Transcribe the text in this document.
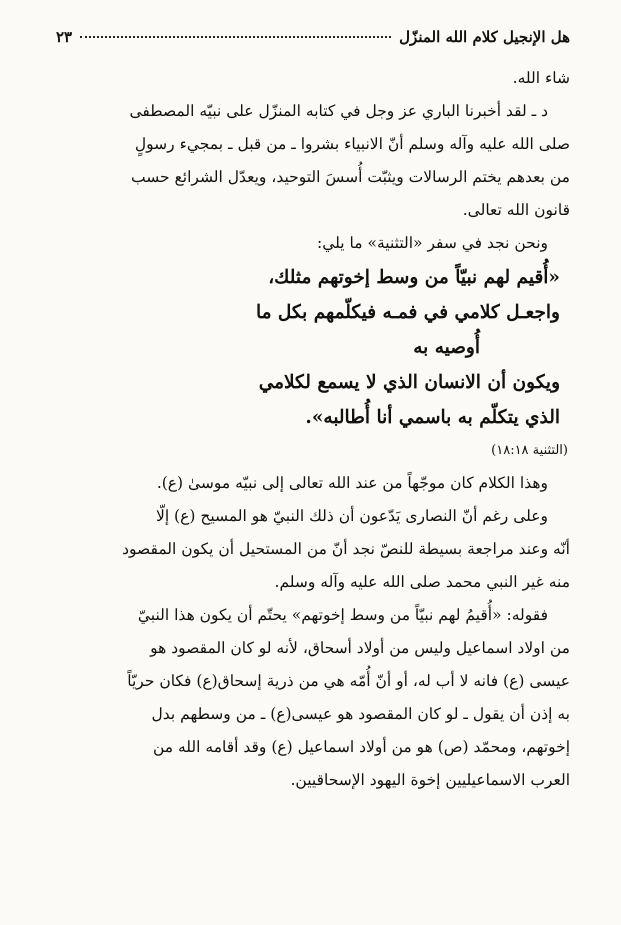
هل الإنجيل كلام الله المنزّل
٢٣

شاء الله.

د ـ لقد أخبرنا الباري عز وجل في كتابه المنزّل على نبيّه المصطفى

صلى الله عليه وآله وسلم أنّ الانبياء بشروا ـ من قبل ـ بمجيء رسولٍ

من بعدهم يختم الرسالات ويثبّت أُسسَ التوحيد، ويعدّل الشرائع حسب

قانون الله تعالى.

ونحن نجد في سفر «التثنية» ما يلي:

«أُقيم لهم نبيّاً من وسط إخوتهم مثلك،

واجعـل كلامي في فمـه فيكلّمهم بكل ما

أُوصيه به

ويكون أن الانسان الذي لا يسمع لكلامي

الذي يتكلّم به باسمي أنا أُطالبه».

(التثنية ١٨:١٨)

وهذا الكلام كان موجّهاً من عند الله تعالى إلى نبيّه موسىٰ (ع).

وعلى رغم أنّ النصارى يَدّعون أن ذلك النبيّ هو المسيح (ع) إلّا

أنّه وعند مراجعة بسيطة للنصّ نجد أنّ من المستحيل أن يكون المقصود

منه غير النبي محمد صلى الله عليه وآله وسلم.

فقوله: «أُقيمُ لهم نبيّاً من وسط إخوتهم» يحتّم أن يكون هذا النبيّ

من اولاد اسماعيل وليس من أولاد أسحاق، لأنه لو كان المقصود هو

عيسى (ع) فانه لا أب له، أو أنّ أُمّه هي من ذرية إسحاق(ع) فكان حريّاً

به إذن أن يقول ـ لو كان المقصود هو عيسى(ع) ـ من وسطهم بدل

إخوتهم، ومحمّد (ص) هو من أولاد اسماعيل (ع) وقد أقامه الله من

العرب الاسماعيليين إخوة اليهود الإسحاقيين.
